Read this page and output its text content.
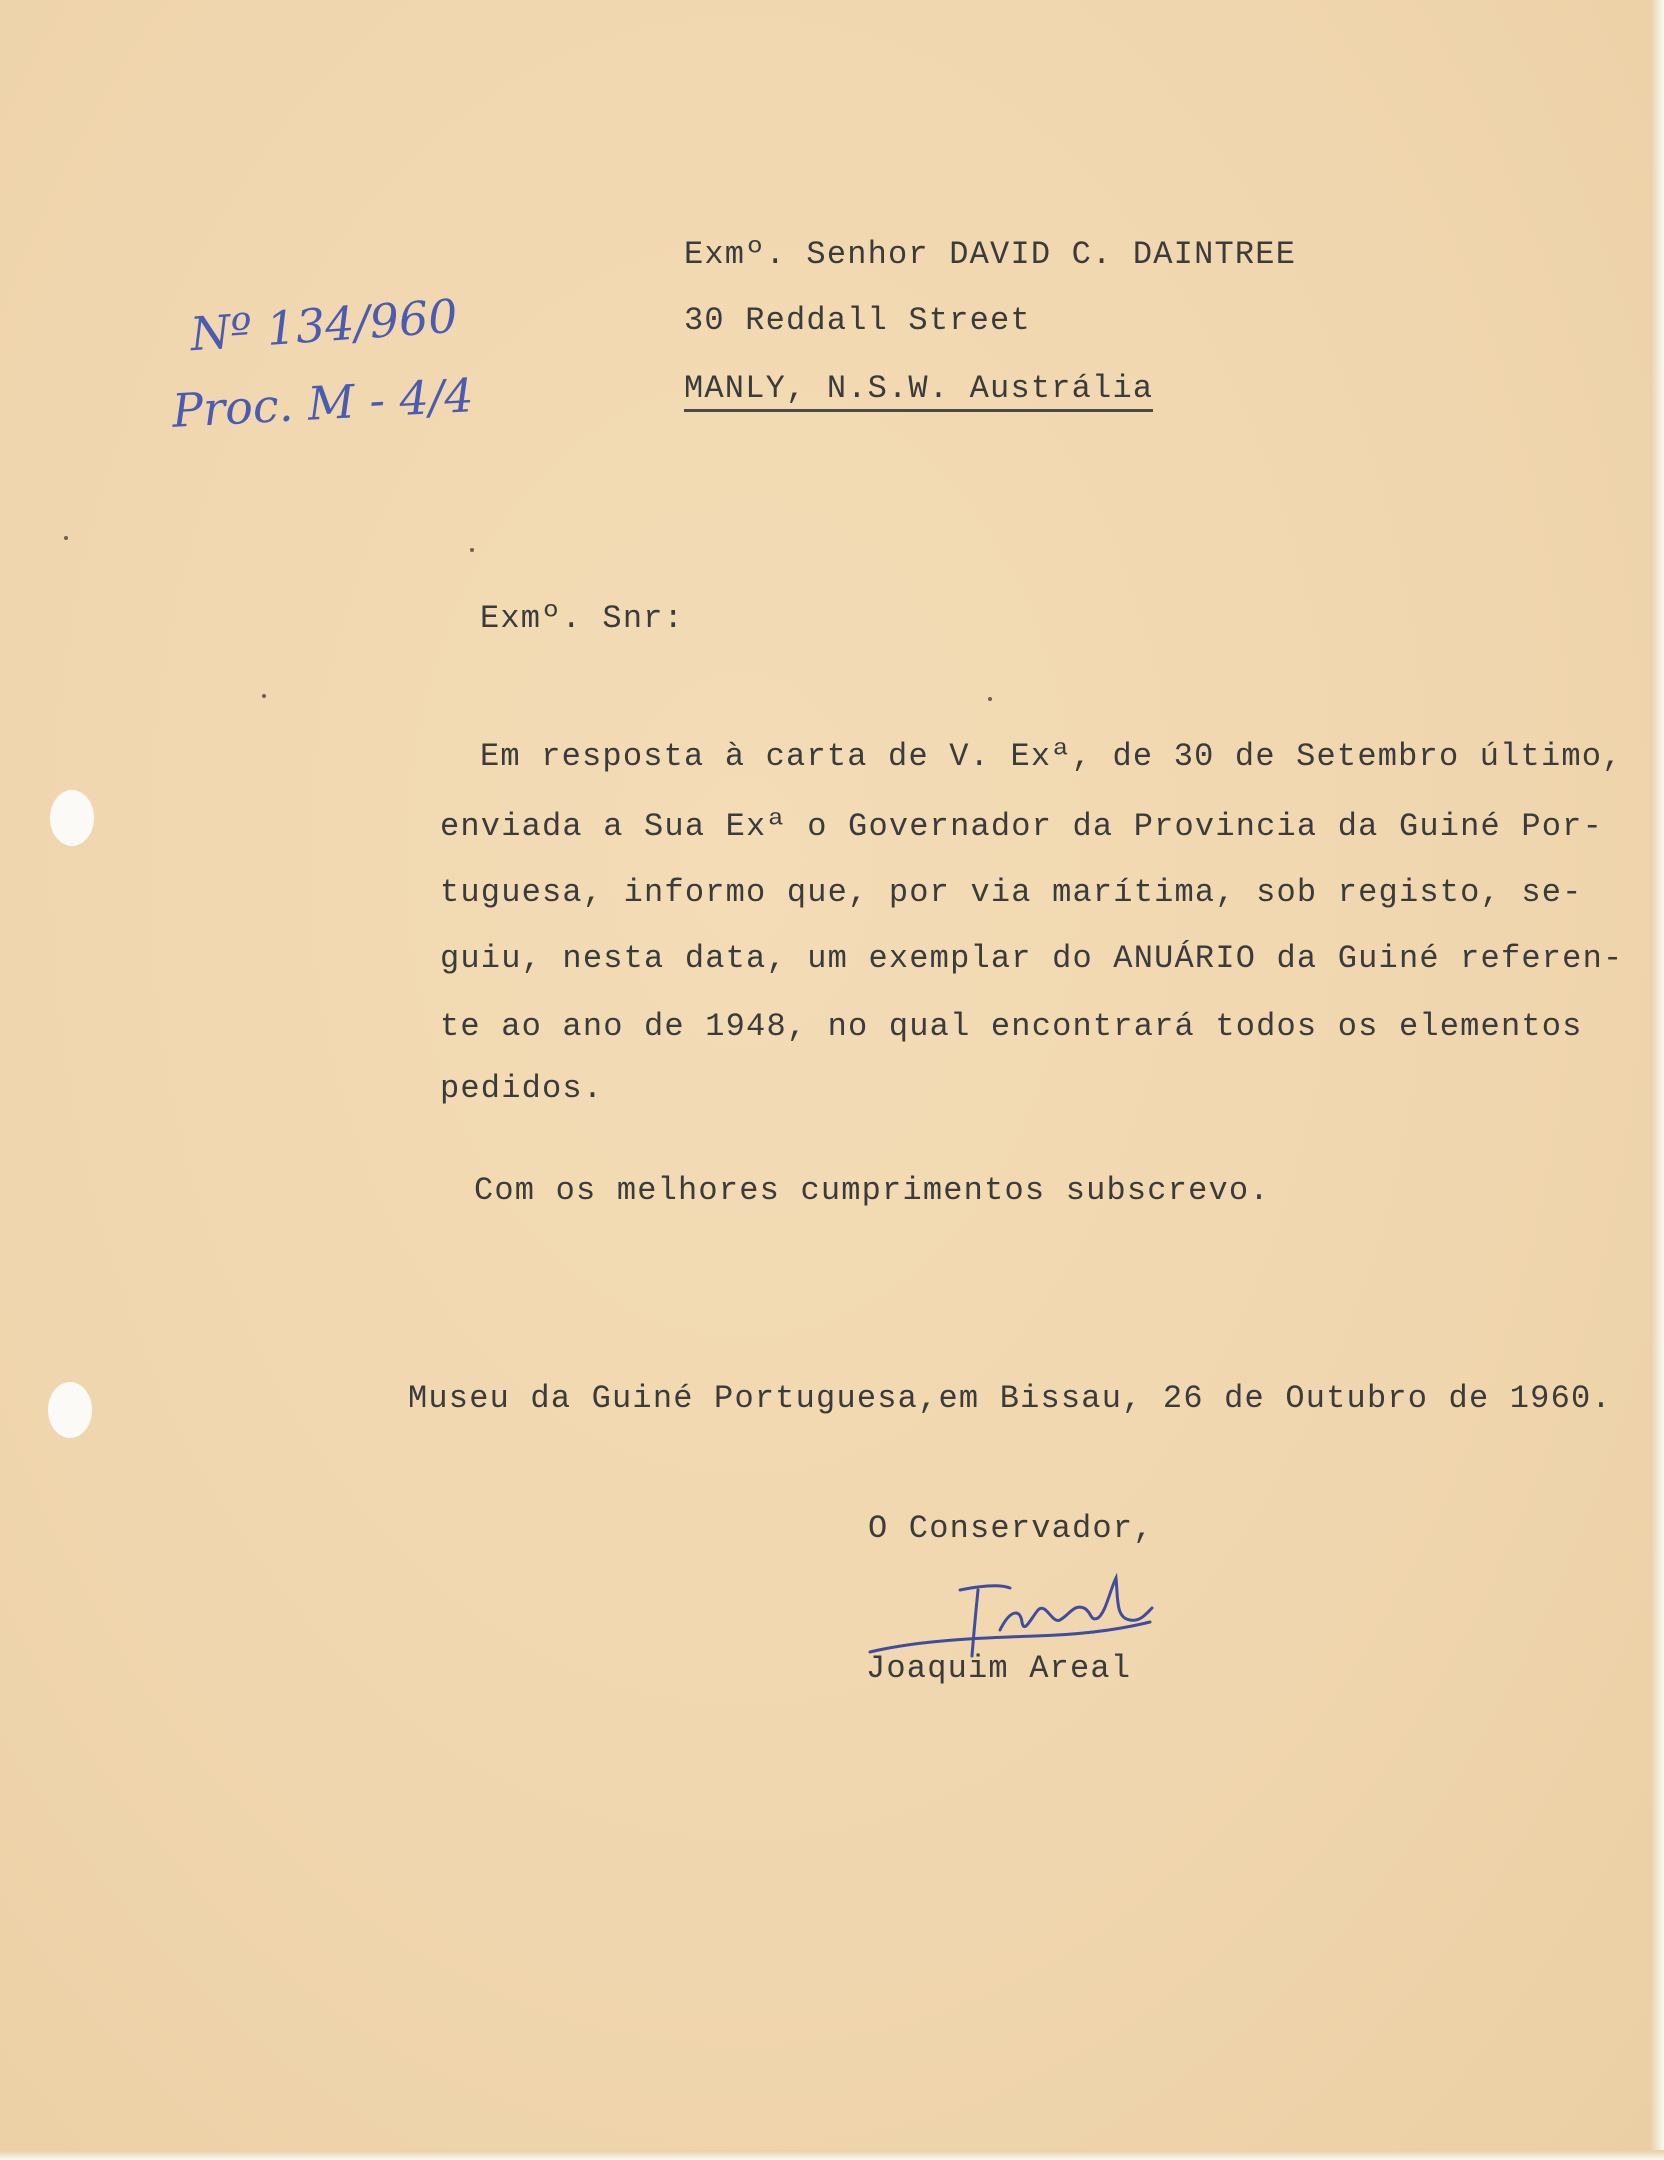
Nº 134/960
Proc. M - 4/4
Exmº. Senhor DAVID C. DAINTREE
30 Reddall Street
MANLY, N.S.W. Austrália
Exmº. Snr:
Em resposta à carta de V. Exª, de 30 de Setembro último,
enviada a Sua Exª o Governador da Provincia da Guiné Por-
tuguesa, informo que, por via marítima, sob registo, se-
guiu, nesta data, um exemplar do ANUÁRIO da Guiné referen-
te ao ano de 1948, no qual encontrará todos os elementos
pedidos.
Com os melhores cumprimentos subscrevo.
Museu da Guiné Portuguesa,em Bissau, 26 de Outubro de 1960.
O Conservador,
Joaquim Areal
